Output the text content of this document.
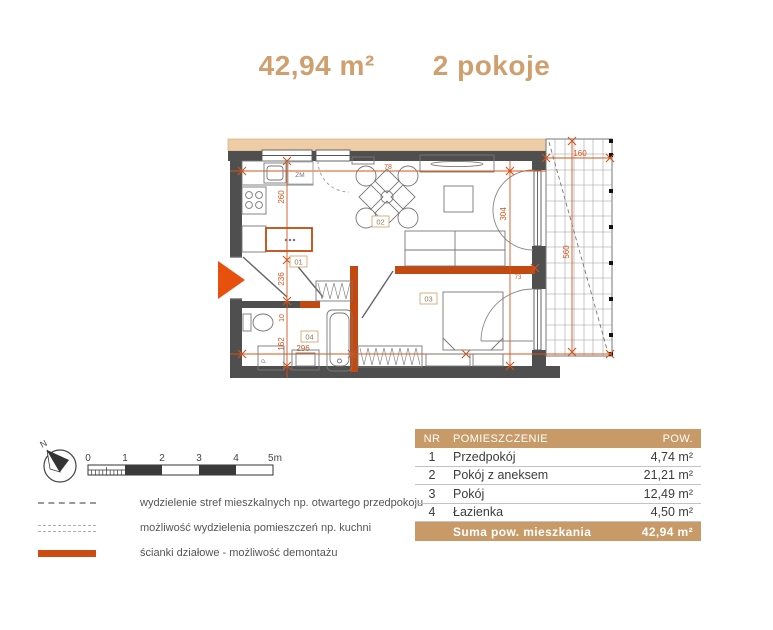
42,94 m² 2 pokoje
260
236
10
162 296
304
78
73
160
560
ZM
P
01
02
03
04
N
0	1	2	3	4	5m
wydzielenie stref mieszkalnych np. otwartego przedpokoju
możliwość wydzielenia pomieszczeń np. kuchni
ścianki działowe - możliwość demontażu
NR	POMIESZCZENIE	POW.
1	Przedpokój	4,74 m²
2	Pokój z aneksem	21,21 m²
3	Pokój	12,49 m²
4	Łazienka	4,50 m²
Suma pow. mieszkania	42,94 m²
